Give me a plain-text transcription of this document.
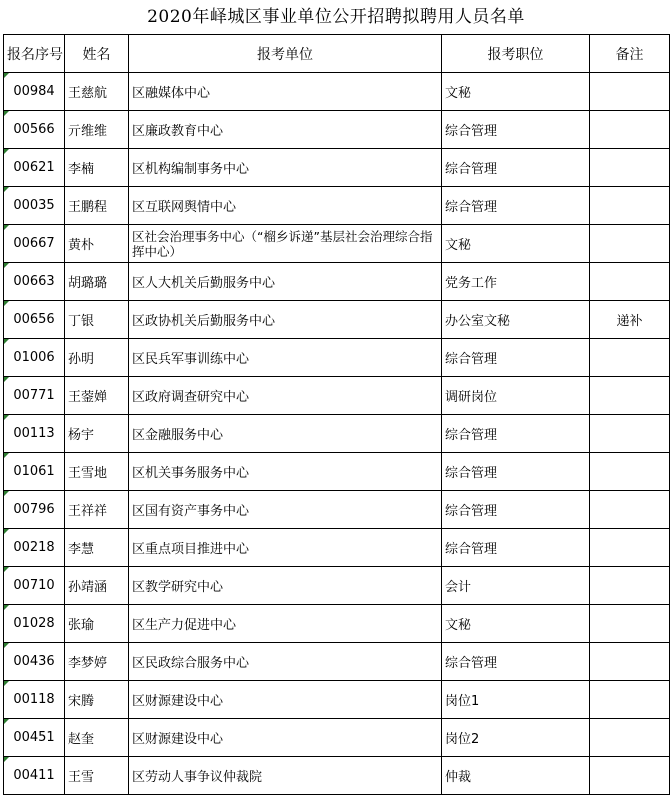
2020年峄城区事业单位公开招聘拟聘用人员名单
报名序号	姓名	报考单位	报考职位	备注
00984	王慈航	区融媒体中心	文秘	
00566	亓维维	区廉政教育中心	综合管理	
00621	李楠	区机构编制事务中心	综合管理	
00035	王鹏程	区互联网舆情中心	综合管理	
00667	黄朴	区社会治理事务中心（“榴乡诉递”基层社会治理综合指挥中心）	文秘	
00663	胡璐璐	区人大机关后勤服务中心	党务工作	
00656	丁银	区政协机关后勤服务中心	办公室文秘	递补
01006	孙明	区民兵军事训练中心	综合管理	
00771	王蓥婵	区政府调查研究中心	调研岗位	
00113	杨宇	区金融服务中心	综合管理	
01061	王雪地	区机关事务服务中心	综合管理	
00796	王祥祥	区国有资产事务中心	综合管理	
00218	李慧	区重点项目推进中心	综合管理	
00710	孙靖涵	区教学研究中心	会计	
01028	张瑜	区生产力促进中心	文秘	
00436	李梦婷	区民政综合服务中心	综合管理	
00118	宋腾	区财源建设中心	岗位1	
00451	赵奎	区财源建设中心	岗位2	
00411	王雪	区劳动人事争议仲裁院	仲裁	
